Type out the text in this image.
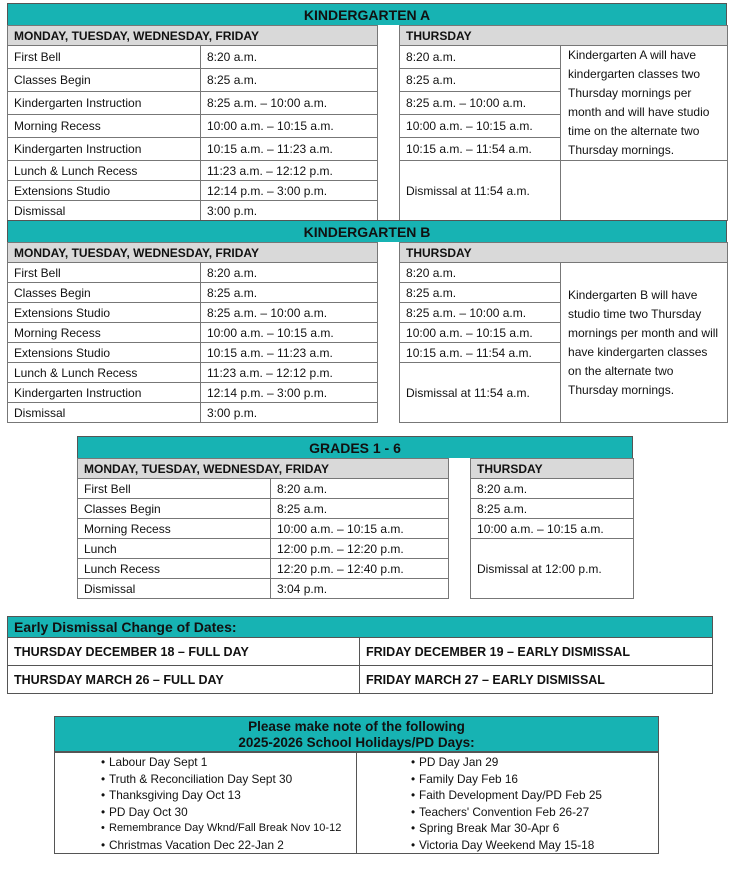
KINDERGARTEN A
MONDAY, TUESDAY, WEDNESDAY, FRIDAY			THURSDAY	
First Bell	8:20 a.m.		8:20 a.m.	Kindergarten A will have kindergarten classes two Thursday mornings per month and will have studio time on the alternate two Thursday mornings.
Classes Begin	8:25 a.m.		8:25 a.m.	
Kindergarten Instruction	8:25 a.m. – 10:00 a.m.		8:25 a.m. – 10:00 a.m.	
Morning Recess	10:00 a.m. – 10:15 a.m.		10:00 a.m. – 10:15 a.m.	
Kindergarten Instruction	10:15 a.m. – 11:23 a.m.		10:15 a.m. – 11:54 a.m.	
Lunch & Lunch Recess	11:23 a.m. – 12:12 p.m.		Dismissal at 11:54 a.m.	
Extensions Studio	12:14 p.m. – 3:00 p.m.			
Dismissal	3:00 p.m.			
KINDERGARTEN B
MONDAY, TUESDAY, WEDNESDAY, FRIDAY			THURSDAY	
First Bell	8:20 a.m.		8:20 a.m.	Kindergarten B will have studio time two Thursday mornings per month and will have kindergarten classes on the alternate two Thursday mornings.
Classes Begin	8:25 a.m.		8:25 a.m.	
Extensions Studio	8:25 a.m. – 10:00 a.m.		8:25 a.m. – 10:00 a.m.	
Morning Recess	10:00 a.m. – 10:15 a.m.		10:00 a.m. – 10:15 a.m.	
Extensions Studio	10:15 a.m. – 11:23 a.m.		10:15 a.m. – 11:54 a.m.	
Lunch & Lunch Recess	11:23 a.m. – 12:12 p.m.		Dismissal at 11:54 a.m.	
Kindergarten Instruction	12:14 p.m. – 3:00 p.m.			
Dismissal	3:00 p.m.			
GRADES 1 - 6
MONDAY, TUESDAY, WEDNESDAY, FRIDAY			THURSDAY
First Bell	8:20 a.m.		8:20 a.m.
Classes Begin	8:25 a.m.		8:25 a.m.
Morning Recess	10:00 a.m. – 10:15 a.m.		10:00 a.m. – 10:15 a.m.
Lunch	12:00 p.m. – 12:20 p.m.		Dismissal at 12:00 p.m.
Lunch Recess	12:20 p.m. – 12:40 p.m.		
Dismissal	3:04 p.m.		
Early Dismissal Change of Dates:
THURSDAY DECEMBER 18 – FULL DAY	FRIDAY DECEMBER 19 – EARLY DISMISSAL
THURSDAY MARCH 26 – FULL DAY	FRIDAY MARCH 27 – EARLY DISMISSAL
Please make note of the following
2025-2026 School Holidays/PD Days:
• Labour Day Sept 1
• Truth & Reconciliation Day Sept 30
• Thanksgiving Day Oct 13
• PD Day Oct 30
• Remembrance Day Wknd/Fall Break Nov 10-12
• Christmas Vacation Dec 22-Jan 2
• PD Day Jan 29
• Family Day Feb 16
• Faith Development Day/PD Feb 25
• Teachers' Convention Feb 26-27
• Spring Break Mar 30-Apr 6
• Victoria Day Weekend May 15-18
